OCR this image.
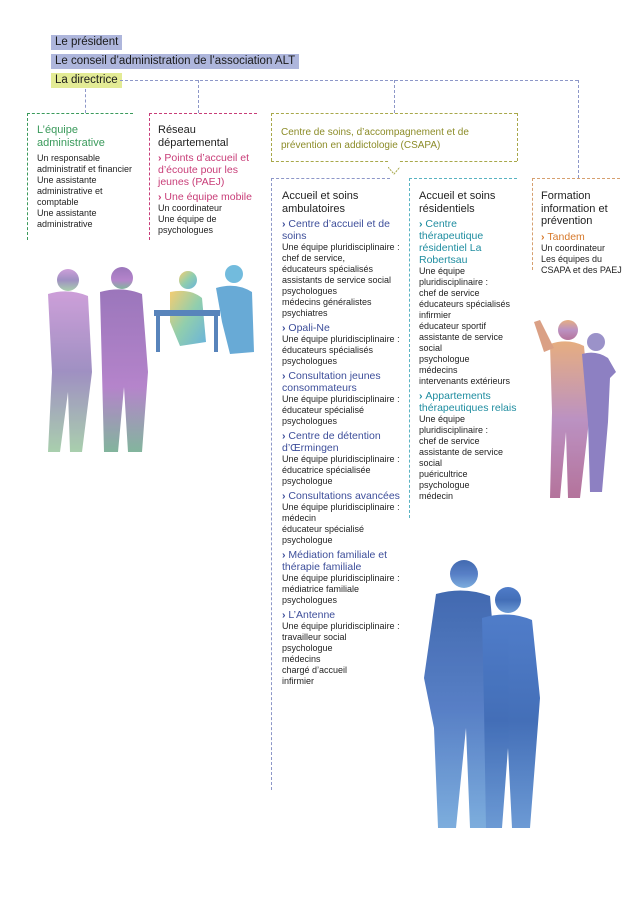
Le président
Le conseil d’administration de l’association ALT
La directrice
L’équipe administrative
Un responsable administratif et financier
Une assistante administrative et comptable
Une assistante administrative
Réseau départemental
› Points d’accueil et d’écoute pour les jeunes (PAEJ)
› Une équipe mobile
Un coordinateur
Une équipe de psychologues
Centre de soins, d’accompagnement et de prévention en addictologie (CSAPA)
Accueil et soins ambulatoires
› Centre d’accueil et de soins
Une équipe pluridisciplinaire :
chef de service,
éducateurs spécialisés
assistants de service social
psychologues
médecins généralistes
psychiatres
› Opali-Ne
Une équipe pluridisciplinaire :
éducateurs spécialisés
psychologues
› Consultation jeunes consommateurs
Une équipe pluridisciplinaire :
éducateur spécialisé
psychologues
› Centre de détention d’Œrmingen
Une équipe pluridisciplinaire :
éducatrice spécialisée
psychologue
› Consultations avancées
Une équipe pluridisciplinaire :
médecin
éducateur spécialisé
psychologue
› Médiation familiale et thérapie familiale
Une équipe pluridisciplinaire :
médiatrice familiale
psychologues
› L’Antenne
Une équipe pluridisciplinaire :
travailleur social
psychologue
médecins
chargé d’accueil
infirmier
Accueil et soins résidentiels
› Centre thérapeutique résidentiel La Robertsau
Une équipe pluridisciplinaire :
chef de service
éducateurs spécialisés
infirmier
éducateur sportif
assistante de service social
psychologue
médecins
intervenants extérieurs
› Appartements thérapeutiques relais
Une équipe pluridisciplinaire :
chef de service
assistante de service social
puéricultrice
psychologue
médecin
Formation information et prévention
› Tandem
Un coordinateur
Les équipes du CSAPA et des PAEJ
